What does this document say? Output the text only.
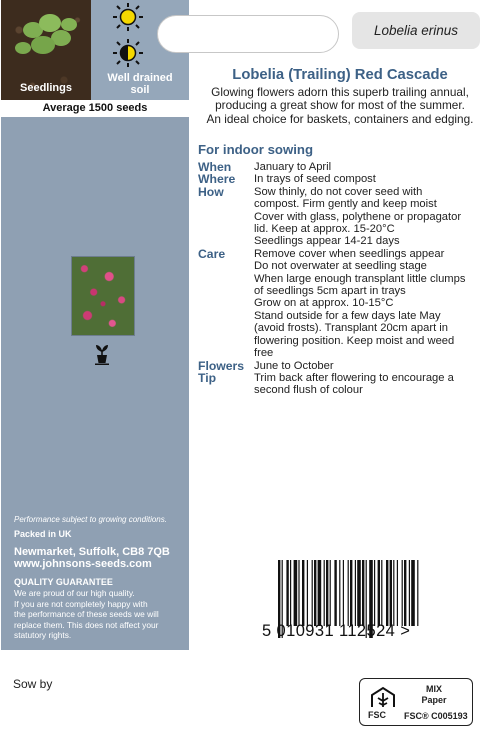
Seedlings
Well drained
soil
Average 1500 seeds
Performance subject to growing conditions.
Packed in UK
Newmarket, Suffolk, CB8 7QB
www.johnsons-seeds.com
QUALITY GUARANTEE
We are proud of our high quality.
If you are not completely happy with
the performance of these seeds we will
replace them. This does not affect your
statutory rights.
Lobelia erinus
Lobelia (Trailing) Red Cascade
Glowing flowers adorn this superb trailing annual,
producing a great show for most of the summer.
An ideal choice for baskets, containers and edging.
For indoor sowing
When	January to April
Where	In trays of seed compost
How	Sow thinly, do not cover seed with
compost. Firm gently and keep moist
Cover with glass, polythene or propagator
lid. Keep at approx. 15-20°C
Seedlings appear 14-21 days
Care	Remove cover when seedlings appear
Do not overwater at seedling stage
When large enough transplant little clumps
of seedlings 5cm apart in trays
Grow on at approx. 10-15°C
Stand outside for a few days late May
(avoid frosts). Transplant 20cm apart in
flowering position. Keep moist and weed
free
Flowers June to October
Tip	Trim back after flowering to encourage a
second flush of colour
5 010931 112524 >
Sow by
FSC
MIX
Paper
FSC® C005193
